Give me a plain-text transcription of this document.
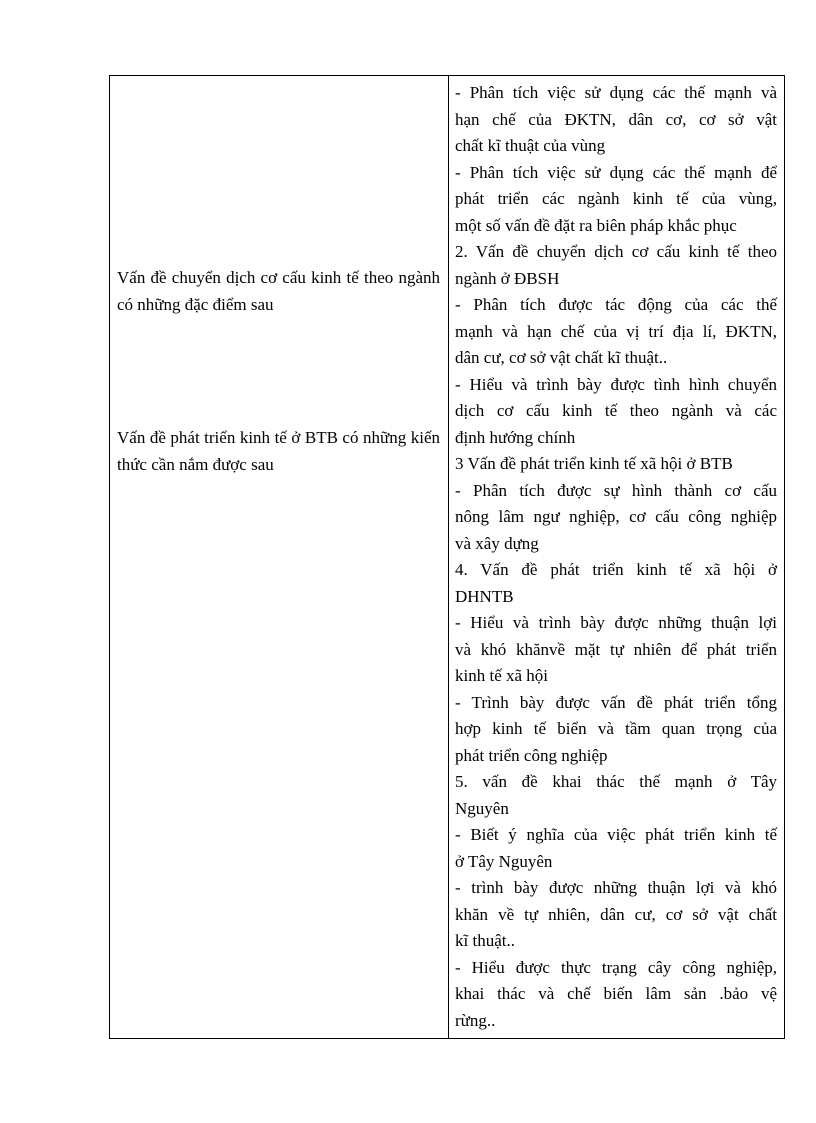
Vấn đề chuyển dịch cơ cấu kinh tế theo ngành có những đặc điểm sau
Vấn đề phát triển kinh tế ở BTB có những kiến thức cần nắm được sau
- Phân tích việc sử dụng các thế mạnh và
hạn chế của ĐKTN, dân cơ, cơ sở vật
chất kĩ thuật của vùng
- Phân tích việc sử dụng các thế mạnh để
phát triển các ngành kinh tế của vùng,
một số vấn đề đặt ra biên pháp khắc phục
2. Vấn đề chuyển dịch cơ cấu kinh tế theo
ngành ở ĐBSH
- Phân tích được tác động của các thế
mạnh và hạn chế của vị trí địa lí, ĐKTN,
dân cư, cơ sở vật chất kĩ thuật..
- Hiểu và trình bày được tình hình chuyển
dịch cơ cấu kinh tế theo ngành và các
định hướng chính
3 Vấn đề phát triển kinh tế xã hội ở BTB
- Phân tích được sự hình thành cơ cấu
nông lâm ngư nghiệp, cơ cấu công nghiệp
và xây dựng
4. Vấn đề phát triển kinh tế xã hội ở
DHNTB
- Hiểu và trình bày được những thuận lợi
và khó khănvề mặt tự nhiên để phát triển
kinh tế xã hội
- Trình bày được vấn đề phát triển tổng
hợp kinh tế biển và tầm quan trọng của
phát triển công nghiệp
5. vấn đề khai thác thế mạnh ở Tây
Nguyên
- Biết ý nghĩa của việc phát triển kinh tế
ở Tây Nguyên
- trình bày được những thuận lợi và khó
khăn về tự nhiên, dân cư, cơ sở vật chất
kĩ thuật..
- Hiểu được thực trạng cây công nghiệp,
khai thác và chế biến lâm sản .bảo vệ
rừng..
